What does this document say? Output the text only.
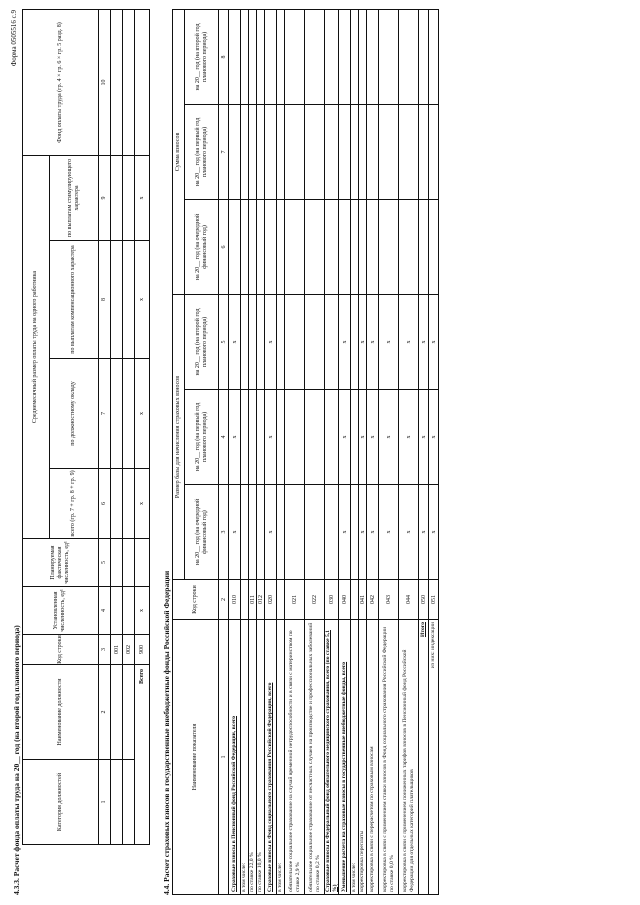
Форма 0505516 с.9
4.3.3. Расчет фонда оплаты труда на 20__ год (на второй год планового периода)	Категория должностей	Наименование должности	Код строки	Установленная численность, ед¹	Планируемая фактическая численность, ед¹	Среднемесячный размер оплаты труда на одного работника				Фонд оплаты труда (гр. 4 × гр. 6 × гр. 5 разд. 8)
					всего (гр. 7 + гр. 8 + гр. 9)	по должностному окладу	по выплатам компенсационного характера	по выплатам стимулирующего характера	
1	2	3	4	5	6	7	8	9	10
		001							
		002							
Всего		900	x		x	x	x	x	
4.4. Расчет страховых взносов в государственные внебюджетные фонды Российской Федерации	Наименование показателя	Код строки	Размер базы для начисления страховых взносов			Сумма взносов		
		на 20__ год (на очередной финансовый год)	на 20__ год (на первый год планового периода)	на 20__ год (на второй год планового периода)	на 20__ год (на очередной финансовый год)	на 20__ год (на первый год планового периода)	на 20__ год (на второй год планового периода)
1	2	3	4	5	6	7	8
Страховые взносы в Пенсионный фонд Российской Федерации, всего	010	x	x	x			
в том числе:							
по ставке 22,0 %	011						
по ставке 10,0 %	012						
Страховые взносы в Фонд социального страхования Российской Федерации, всего	020	x	x	x			
в том числе:							
обязательное социальное страхование на случай временной нетрудоспособности и в связи с материнством по ставке 2,9 %	021						
обязательное социальное страхование от несчастных случаев на производстве и профессиональных заболеваний по ставке 0,2 %	022						
Страховые взносы в Федеральный фонд обязательного медицинского страхования, всего (по ставке 5,1 %)	030						
Уменьшение расчета на страховые взносы в государственные внебюджетные фонды, всего	040	x	x	x			
в том числе:							
корректировка переплаты	041	x	x	x			
корректировка в связи с перерасчетом по страховым взносам	042	x	x	x			
корректировка в связи с применением ставки взносов в Фонд социального страхования Российской Федерации по ставке 0,0 %	043	x	x	x			
корректировка в связи с применением пониженных тарифов взносов в Пенсионный фонд Российской Федерации для отдельных категорий плательщиков	044	x	x	x			
Итого	050	x	x	x			
из них: индексации	051	x	x	x			
